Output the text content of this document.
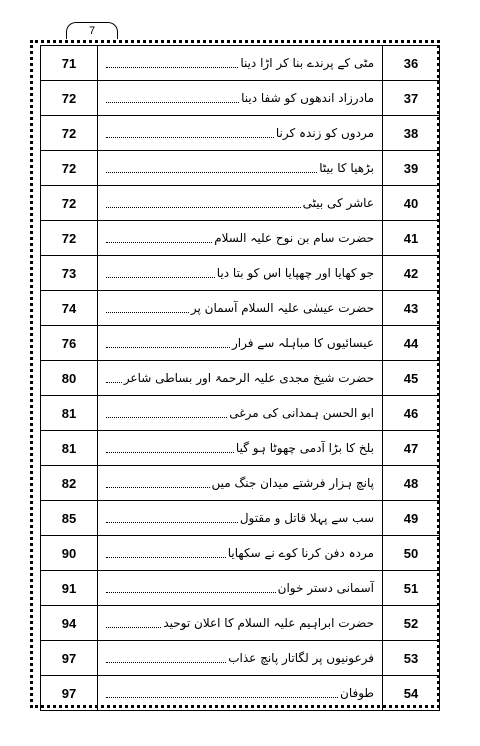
7
71	مٹی کے پرندے بنا کر اڑا دینا	36
72	مادرزاد اندھوں کو شفا دینا	37
72	مردوں کو زندہ کرنا	38
72	بڑھیا کا بیٹا	39
72	عاشر کی بیٹی	40
72	حضرت سام بن نوح علیہ السلام	41
73	جو کھایا اور چھپایا اس کو بتا دیا	42
74	حضرت عیسٰی علیہ السلام آسمان پر	43
76	عیسائیوں کا مباہلہ سے فرار	44
80	حضرت شیخ مجدی علیہ الرحمۃ اور بساطی شاعر	45
81	ابو الحسن ہمدانی کی مرغی	46
81	بلخ کا بڑا آدمی چھوٹا ہو گیا	47
82	پانچ ہزار فرشتے میدان جنگ میں	48
85	سب سے پہلا قاتل و مقتول	49
90	مردہ دفن کرنا کوے نے سکھایا	50
91	آسمانی دستر خوان	51
94	حضرت ابراہیم علیہ السلام کا اعلان توحید	52
97	فرعونیوں پر لگاتار پانچ عذاب	53
97	طوفان	54
